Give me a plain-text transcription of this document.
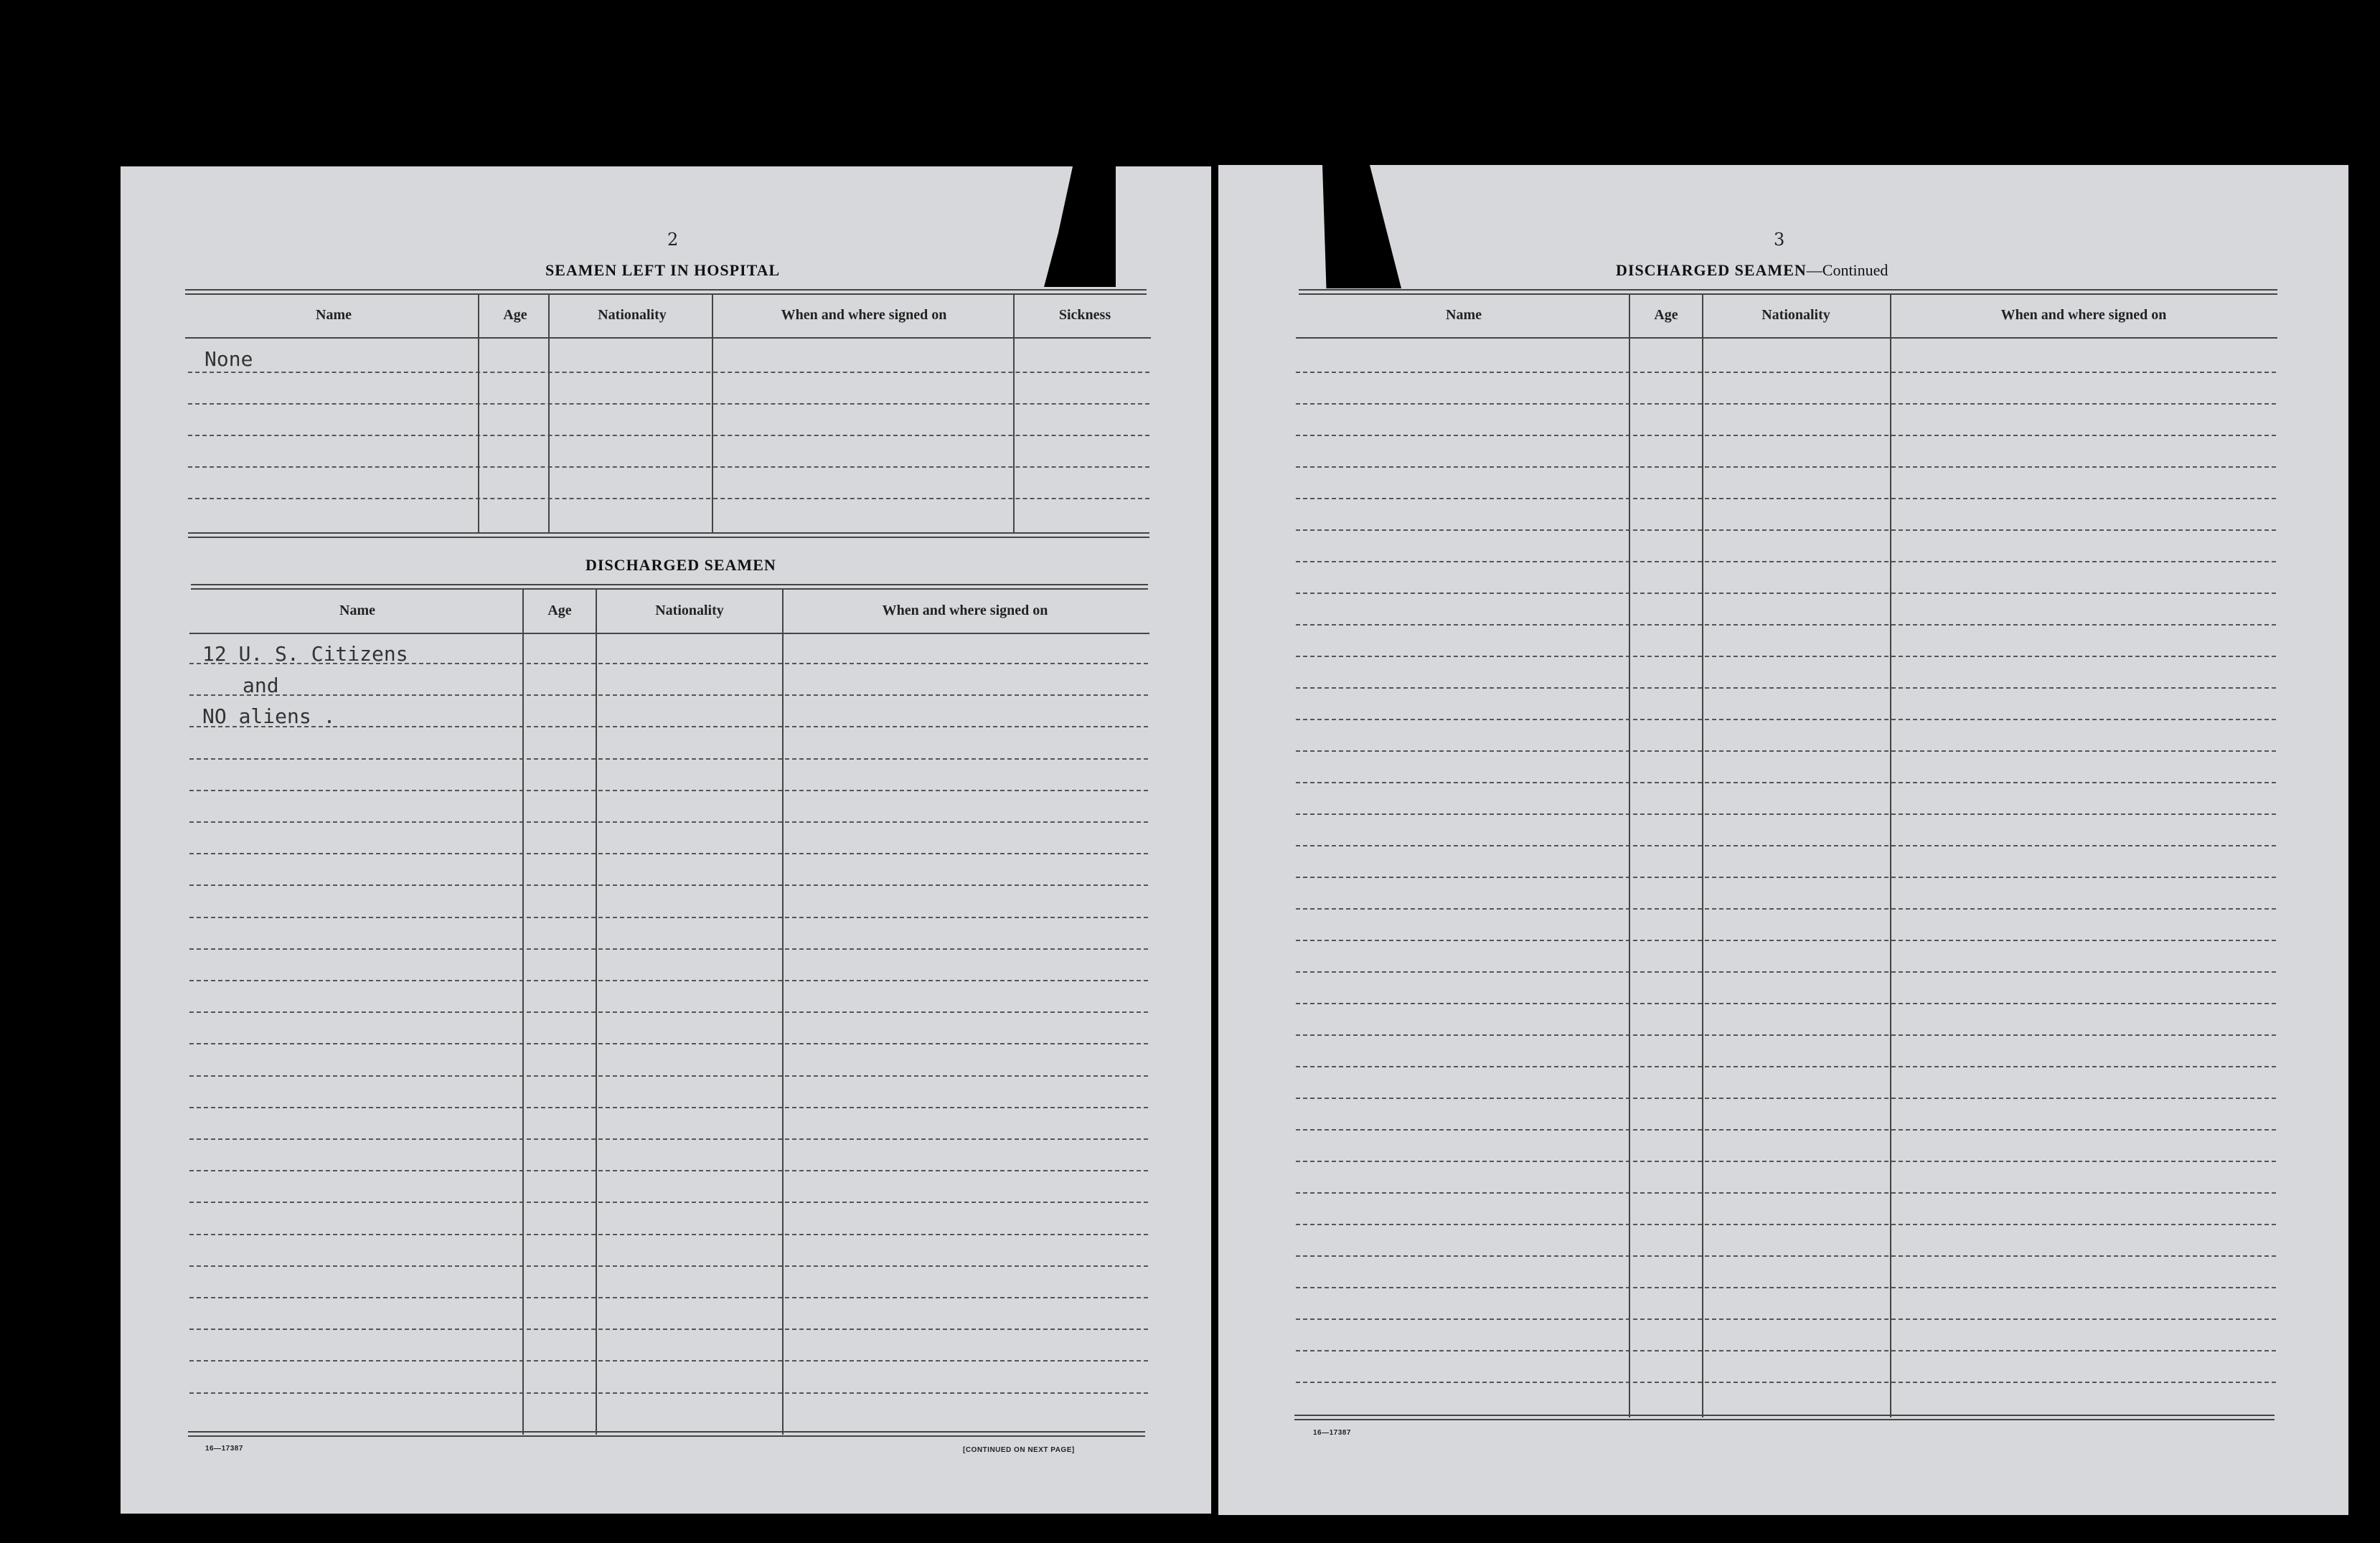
2
SEAMEN LEFT IN HOSPITAL
Name	Age	Nationality	When and where signed on	Sickness
None
DISCHARGED SEAMEN
Name	Age	Nationality	When and where signed on
12 U. S. Citizens
and
NO aliens .
16—17387	[CONTINUED ON NEXT PAGE]
3
DISCHARGED SEAMEN—Continued
Name	Age	Nationality	When and where signed on
16—17387
